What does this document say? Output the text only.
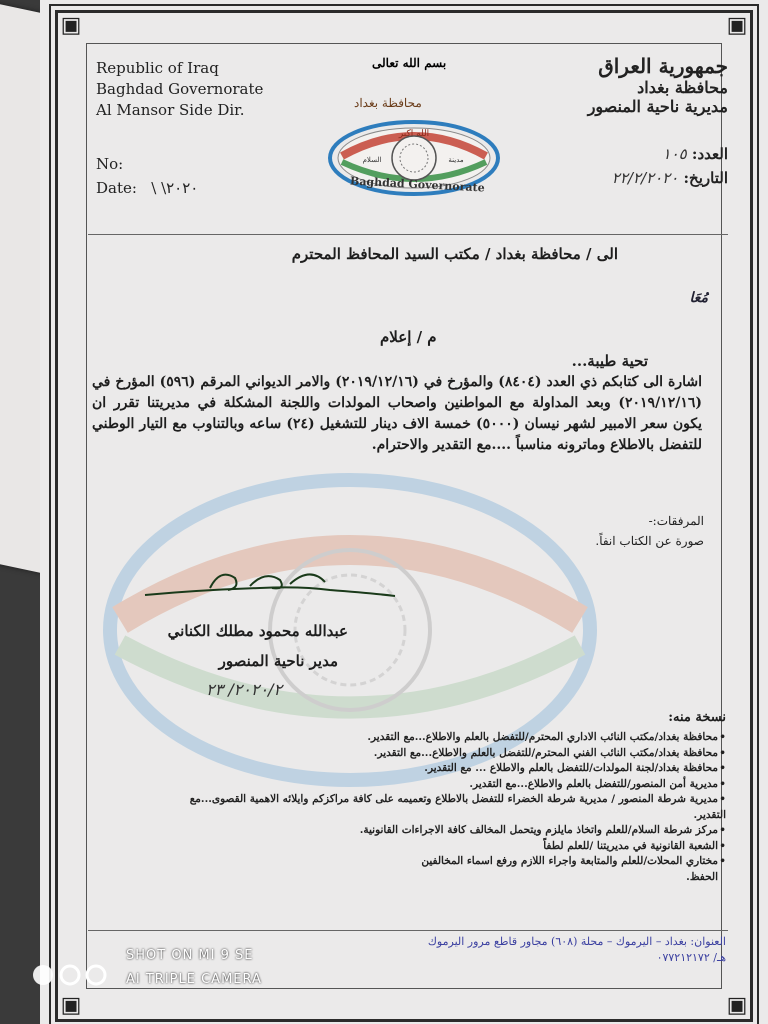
▣	▣
▣	▣
Republic of Iraq
Baghdad Governorate
Al Mansor Side Dir.
بسم الله تعالى	جمهورية العراق
محافظة بغداد
مديرية ناحية المنصور
الله اكبر
السلام	مدينة
محافظة بغداد
Baghdad Governorate
No:
Date: \ \۲۰۲۰
العدد: ١٠٥
التاريخ: ٢٢/٢/٢٠٢٠
الى / محافظة بغداد / مكتب السيد المحافظ المحترم
مُعَا
م / إعلام
تحية طيبة...
اشارة الى كتابكم ذي العدد (٨٤٠٤) والمؤرخ في (٢٠١٩/١٢/١٦) والامر الديواني المرقم (٥٩٦) المؤرخ في (٢٠١٩/١٢/١٦) وبعد المداولة مع المواطنين واصحاب المولدات واللجنة المشكلة في مديريتنا تقرر ان يكون سعر الامبير لشهر نيسان (٥٠٠٠) خمسة الاف دينار للتشغيل (٢٤) ساعه وبالتناوب مع التيار الوطني للتفضل بالاطلاع وماترونه مناسباً ....مع التقدير والاحترام.
المرفقات:-
صورة عن الكتاب انفاً.
عبدالله محمود مطلك الكناني
مدير ناحية المنصور
٢٠٢٠/٢/ ٢٣
نسخة منه:
•محافظة بغداد/مكتب النائب الاداري المحترم/للتفضل بالعلم والاطلاع...مع التقدير.
•محافظة بغداد/مكتب النائب الفني المحترم/للتفضل بالعلم والاطلاع...مع التقدير.
•محافظة بغداد/لجنة المولدات/للتفضل بالعلم والاطلاع ... مع التقدير.
•مديرية أمن المنصور/للتفضل بالعلم والاطلاع...مع التقدير.
•مديرية شرطة المنصور / مديرية شرطة الخضراء للتفضل بالاطلاع وتعميمه على كافة مراكزكم وايلائه الاهمية القصوى...مع التقدير.
•مركز شرطة السلام/للعلم واتخاذ مايلزم ويتحمل المخالف كافة الاجراءات القانونية.
•الشعبة القانونية في مديريتنا /للعلم لطفاً
•مختاري المحلات/للعلم والمتابعة واجراء اللازم ورفع اسماء المخالفين
الحفظ.
العنوان: بغداد – اليرموك – محلة (٦٠٨) مجاور قاطع مرور اليرموك
هـ/ ٠٧٧٢١٢١٧٢
SHOT ON MI 9 SE
AI TRIPLE CAMERA
